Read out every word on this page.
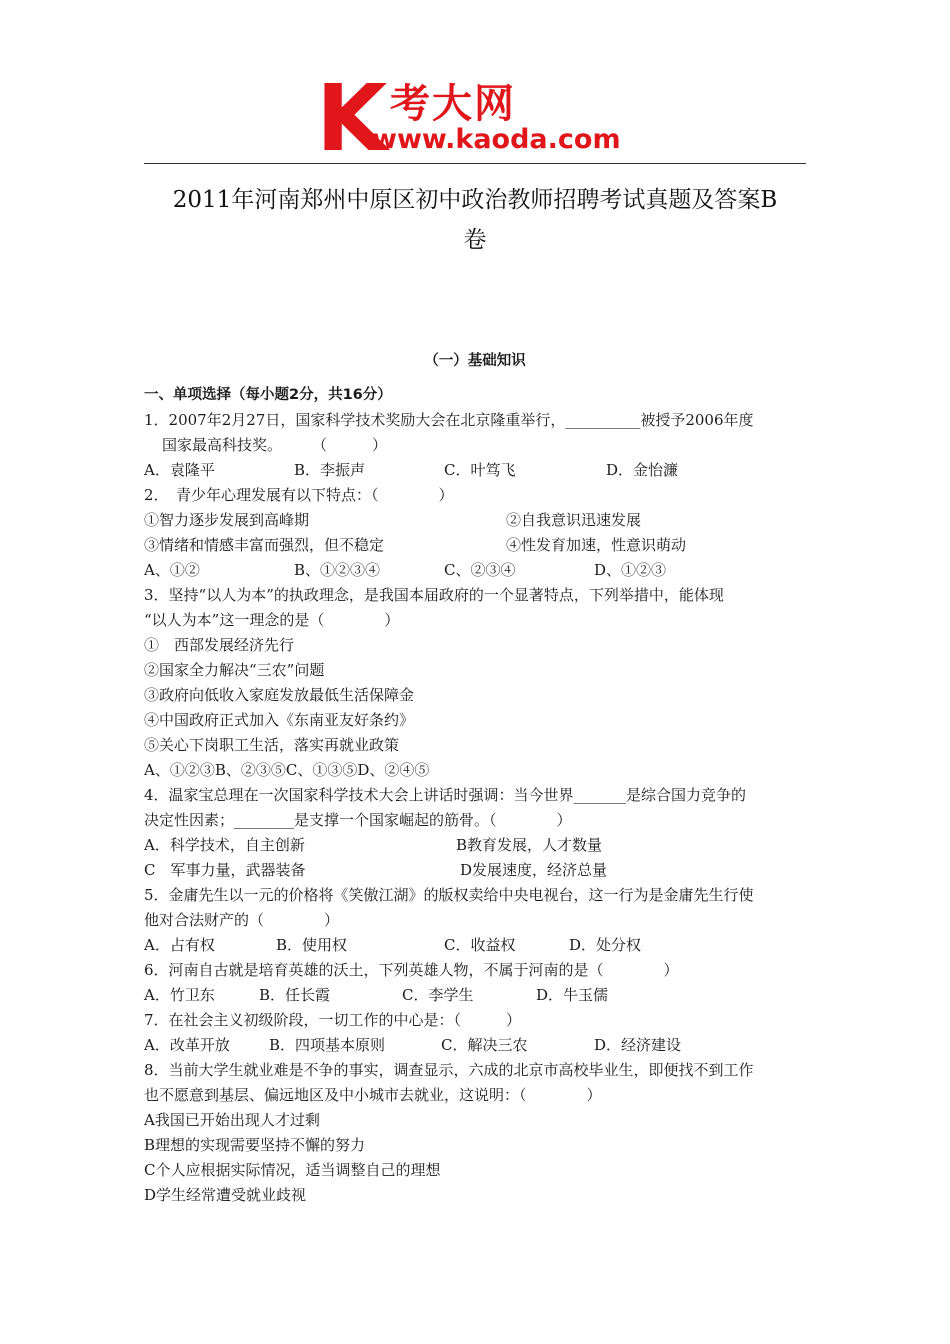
K 考大网
www.kaoda.com
2011年河南郑州中原区初中政治教师招聘考试真题及答案B
卷
（一）基础知识
一、单项选择（每小题2分，共16分）
1．2007年2月27日，国家科学技术奖励大会在北京隆重举行，__________被授予2006年度
国家最高科技奖。　　　（　　　）
A．袁隆平	B．李振声	C．叶笃飞	D．金怡濂
2．　青少年心理发展有以下特点：（　　　　）
①智力逐步发展到高峰期	②自我意识迅速发展
③情绪和情感丰富而强烈，但不稳定	④性发育加速，性意识萌动
A、①②	B、①②③④	C、②③④	D、①②③
3．坚持“以人为本”的执政理念，是我国本届政府的一个显著特点，下列举措中，能体现
“以人为本”这一理念的是（　　　　）
①　西部发展经济先行
②国家全力解决“三农”问题
③政府向低收入家庭发放最低生活保障金
④中国政府正式加入《东南亚友好条约》
⑤关心下岗职工生活，落实再就业政策
A、①②③B、②③⑤C、①③⑤D、②④⑤
4．温家宝总理在一次国家科学技术大会上讲话时强调：当今世界_______是综合国力竞争的
决定性因素；________是支撑一个国家崛起的筋骨。（　　　　）
A．科学技术，自主创新	B教育发展，人才数量
C　军事力量，武器装备	D发展速度，经济总量
5．金庸先生以一元的价格将《笑傲江湖》的版权卖给中央电视台，这一行为是金庸先生行使
他对合法财产的（　　　　）
A．占有权	B．使用权	C．收益权	D．处分权
6．河南自古就是培育英雄的沃土，下列英雄人物，不属于河南的是（　　　　）
A．竹卫东	B．任长霞	C．李学生	D．牛玉儒
7．在社会主义初级阶段，一切工作的中心是：（　　　）
A．改革开放	B．四项基本原则	C．解决三农	D．经济建设
8．当前大学生就业难是不争的事实，调查显示，六成的北京市高校毕业生，即便找不到工作
也不愿意到基层、偏远地区及中小城市去就业，这说明：（　　　　）
A我国已开始出现人才过剩
B理想的实现需要坚持不懈的努力
C个人应根据实际情况，适当调整自己的理想
D学生经常遭受就业歧视
